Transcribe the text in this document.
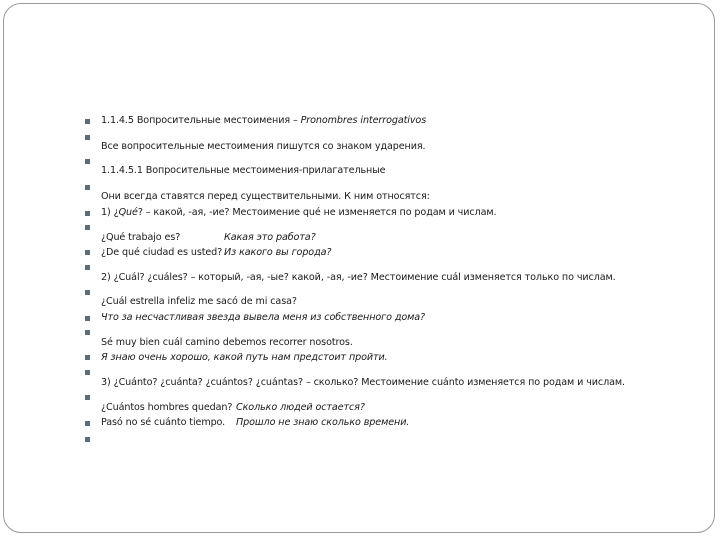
1.1.4.5 Вопросительные местоимения – Pronombres interrogativos
Все вопросительные местоимения пишутся со знаком ударения.
1.1.4.5.1 Вопросительные местоимения-прилагательные
Они всегда ставятся перед существительными. К ним относятся:
1) ¿Qué? – какой, -ая, -ие? Местоимение qué не изменяется по родам и числам.
¿Qué trabajo es?	Какая это работа?
¿De qué ciudad es usted? Из какого вы города?
2) ¿Cuál? ¿cuáles? – который, -ая, -ые? какой, -ая, -ие? Местоимение cuál изменяется только по числам.
¿Cuál estrella infeliz me sacó de mi casa?
Что за несчастливая звезда вывела меня из собственного дома?
Sé muy bien cuál camino debemos recorrer nosotros.
Я знаю очень хорошо, какой путь нам предстоит пройти.
3) ¿Cuánto? ¿cuánta? ¿cuántos? ¿cuántas? – сколько? Местоимение cuánto изменяется по родам и числам.
¿Cuántos hombres quedan? Сколько людей остается?
Pasó no sé cuánto tiempo. Прошло не знаю сколько времени.
